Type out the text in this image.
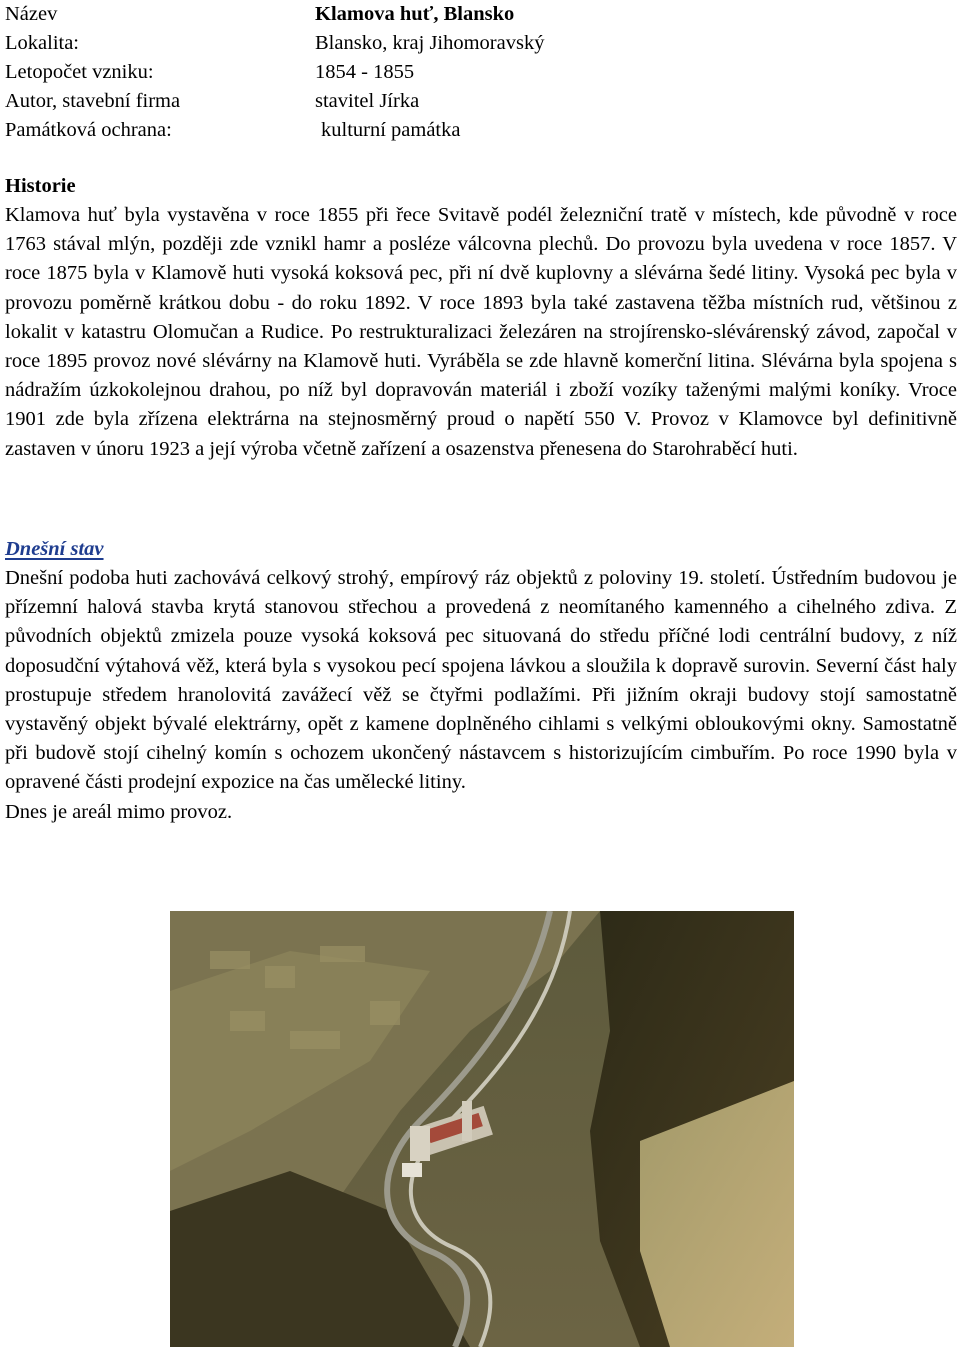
Název	Klamova huť, Blansko
Lokalita:	Blansko, kraj Jihomoravský
Letopočet vzniku:	1854 - 1855
Autor, stavební firma	stavitel Jírka
Památková ochrana:	kulturní památka
Historie

Klamova huť byla vystavěna v roce 1855 při řece Svitavě podél železniční tratě v místech, kde původně v roce 1763 stával mlýn, později zde vznikl hamr a posléze válcovna plechů. Do provozu byla uvedena v roce 1857. V roce 1875 byla v Klamově huti vysoká koksová pec, při ní dvě kuplovny a slévárna šedé litiny. Vysoká pec byla v provozu poměrně krátkou dobu - do roku 1892. V roce 1893 byla také zastavena těžba místních rud, většinou z lokalit v katastru Olomučan a Rudice. Po restrukturalizaci železáren na strojírensko-slévárenský závod, započal v roce 1895 provoz nové slévárny na Klamově huti. Vyráběla se zde hlavně komerční litina. Slévárna byla spojena s nádražím úzkokolejnou drahou, po níž byl dopravován materiál i zboží vozíky taženými malými koníky. Vroce 1901 zde byla zřízena elektrárna na stejnosměrný proud o napětí 550 V. Provoz v Klamovce byl definitivně zastaven v únoru 1923 a její výroba včetně zařízení a osazenstva přenesena do Starohraběcí huti.

Dnešní stav

Dnešní podoba huti zachovává celkový strohý, empírový ráz objektů z poloviny 19. století. Ústředním budovou je přízemní halová stavba krytá stanovou střechou a provedená z neomítaného kamenného a cihelného zdiva. Z původních objektů zmizela pouze vysoká koksová pec situovaná do středu příčné lodi centrální budovy, z níž doposudční výtahová věž, která byla s vysokou pecí spojena lávkou a sloužila k dopravě surovin. Severní část haly prostupuje středem hranolovitá zavážecí věž se čtyřmi podlažími. Při jižním okraji budovy stojí samostatně vystavěný objekt bývalé elektrárny, opět z kamene doplněného cihlami s velkými obloukovými okny. Samostatně při budově stojí cihelný komín s ochozem ukončený nástavcem s historizujícím cimbuřím. Po roce 1990 byla v opravené části prodejní expozice na čas umělecké litiny.

Dnes je areál mimo provoz.
